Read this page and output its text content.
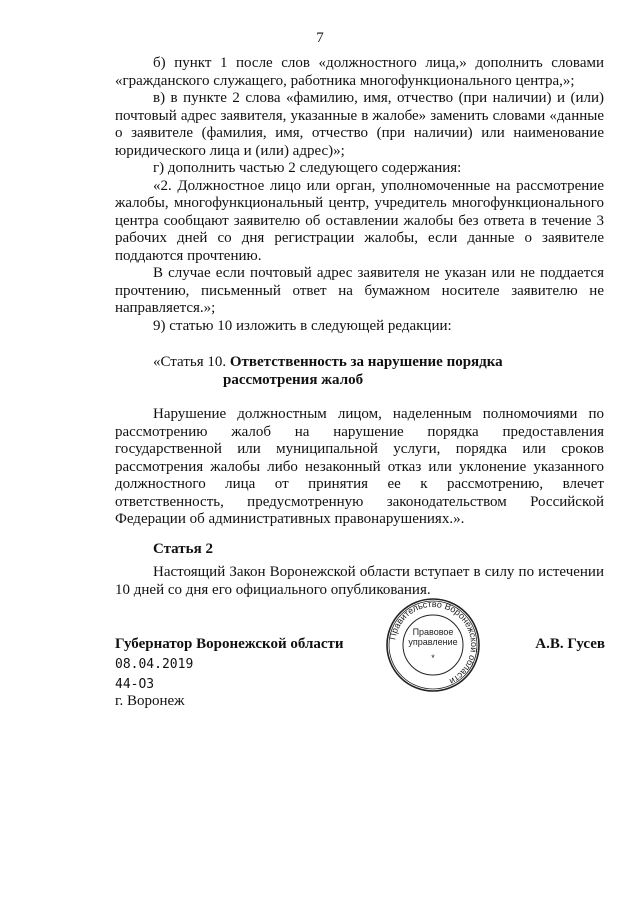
7

б) пункт 1 после слов «должностного лица,» дополнить словами «гражданского служащего, работника многофункционального центра,»;

в) в пункте 2 слова «фамилию, имя, отчество (при наличии) и (или) почтовый адрес заявителя, указанные в жалобе» заменить словами «данные о заявителе (фамилия, имя, отчество (при наличии) или наименование юридического лица и (или) адрес)»;

г) дополнить частью 2 следующего содержания:

«2. Должностное лицо или орган, уполномоченные на рассмотрение жалобы, многофункциональный центр, учредитель многофункционального центра сообщают заявителю об оставлении жалобы без ответа в течение 3 рабочих дней со дня регистрации жалобы, если данные о заявителе поддаются прочтению.

В случае если почтовый адрес заявителя не указан или не поддается прочтению, письменный ответ на бумажном носителе заявителю не направляется.»;

9) статью 10 изложить в следующей редакции:

«Статья 10. Ответственность за нарушение порядка
рассмотрения жалоб

Нарушение должностным лицом, наделенным полномочиями по рассмотрению жалоб на нарушение порядка предоставления государственной или муниципальной услуги, порядка или сроков рассмотрения жалобы либо незаконный отказ или уклонение указанного должностного лица от принятия ее к рассмотрению, влечет ответственность, предусмотренную законодательством Российской Федерации об административных правонарушениях.».

Статья 2

Настоящий Закон Воронежской области вступает в силу по истечении 10 дней со дня его официального опубликования.

Губернатор Воронежской области	А.В. Гусев
08.04.2019
44-ОЗ
г. Воронеж
Правительство Воронежской области
Правовое
управление
*
